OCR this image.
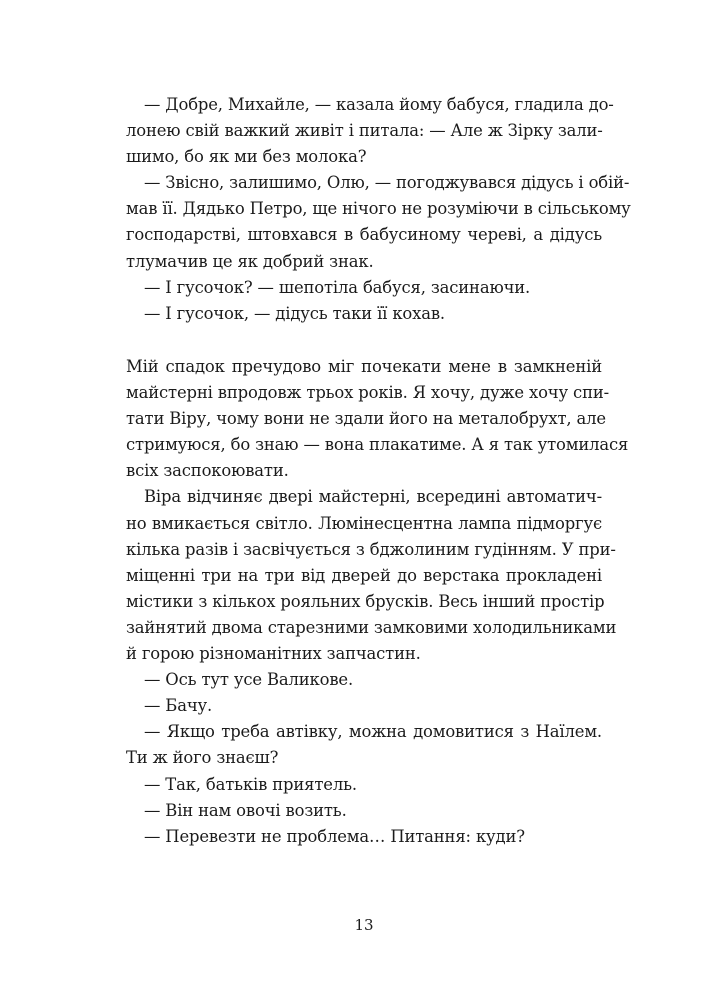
— Добре, Михайле, — казала йому бабуся, гладила до-

лонею свій важкий живіт і питала: — Але ж Зірку зали-

шимо, бо як ми без молока?

— Звісно, залишимо, Олю, — погоджувався дідусь і обій-

мав її. Дядько Петро, ще нічого не розуміючи в сільському

господарстві, штовхався в бабусиному череві, а дідусь

тлумачив це як добрий знак.

— І гусочок? — шепотіла бабуся, засинаючи.

— І гусочок, — дідусь таки її кохав.

Мій спадок пречудово міг почекати мене в замкненій

майстерні впродовж трьох років. Я хочу, дуже хочу спи-

тати Віру, чому вони не здали його на металобрухт, але

стримуюся, бо знаю — вона плакатиме. А я так утомилася

всіх заспокоювати.

Віра відчиняє двері майстерні, всередині автоматич-

но вмикається світло. Люмінесцентна лампа підморгує

кілька разів і засвічується з бджолиним гудінням. У при-

міщенні три на три від дверей до верстака прокладені

містики з кількох рояльних брусків. Весь інший простір

зайнятий двома старезними замковими холодильниками

й горою різноманітних запчастин.

— Ось тут усе Валикове.

— Бачу.

— Якщо треба автівку, можна домовитися з Наїлем.

Ти ж його знаєш?

— Так, батьків приятель.

— Він нам овочі возить.

— Перевезти не проблема… Питання: куди?

13
